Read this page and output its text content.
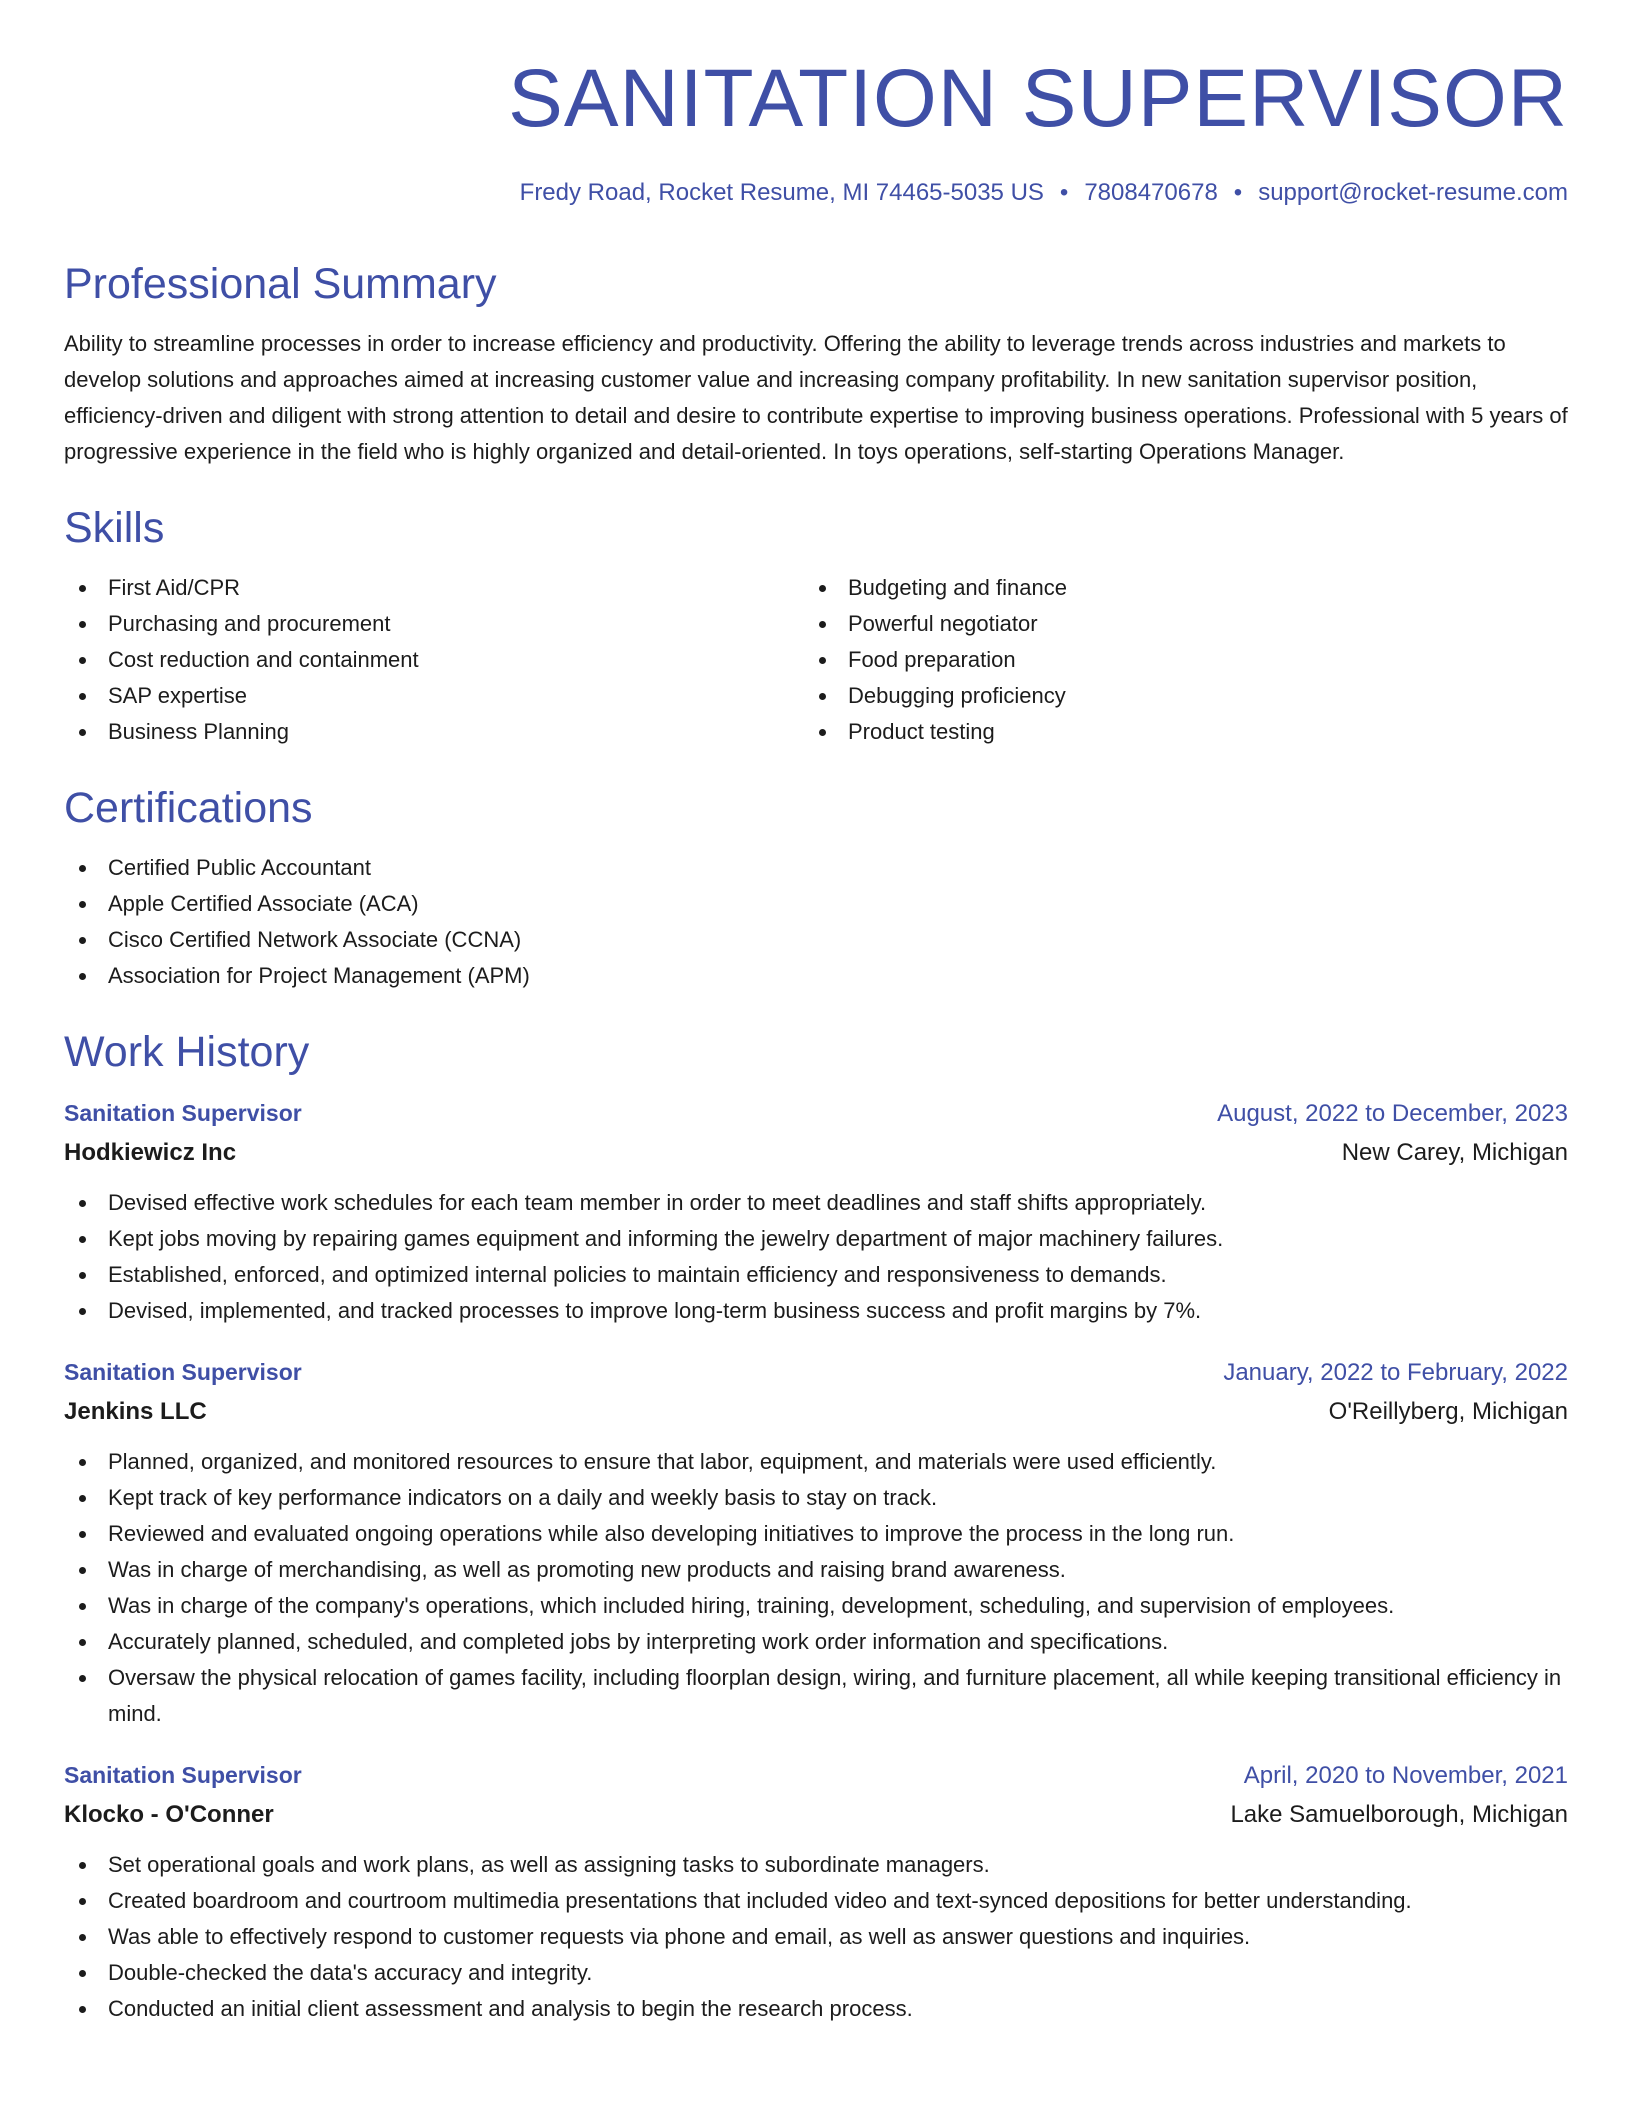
SANITATION SUPERVISOR
Fredy Road, Rocket Resume, MI 74465-5035 US • 7808470678 • support@rocket-resume.com
Professional Summary
Ability to streamline processes in order to increase efficiency and productivity. Offering the ability to leverage trends across industries and markets to develop solutions and approaches aimed at increasing customer value and increasing company profitability. In new sanitation supervisor position, efficiency-driven and diligent with strong attention to detail and desire to contribute expertise to improving business operations. Professional with 5 years of progressive experience in the field who is highly organized and detail-oriented. In toys operations, self-starting Operations Manager.
Skills
First Aid/CPR
Purchasing and procurement
Cost reduction and containment
SAP expertise
Business Planning
Budgeting and finance
Powerful negotiator
Food preparation
Debugging proficiency
Product testing
Certifications
Certified Public Accountant
Apple Certified Associate (ACA)
Cisco Certified Network Associate (CCNA)
Association for Project Management (APM)
Work History
Sanitation Supervisor	August, 2022 to December, 2023
Hodkiewicz Inc	New Carey, Michigan
Devised effective work schedules for each team member in order to meet deadlines and staff shifts appropriately.
Kept jobs moving by repairing games equipment and informing the jewelry department of major machinery failures.
Established, enforced, and optimized internal policies to maintain efficiency and responsiveness to demands.
Devised, implemented, and tracked processes to improve long-term business success and profit margins by 7%.
Sanitation Supervisor	January, 2022 to February, 2022
Jenkins LLC	O'Reillyberg, Michigan
Planned, organized, and monitored resources to ensure that labor, equipment, and materials were used efficiently.
Kept track of key performance indicators on a daily and weekly basis to stay on track.
Reviewed and evaluated ongoing operations while also developing initiatives to improve the process in the long run.
Was in charge of merchandising, as well as promoting new products and raising brand awareness.
Was in charge of the company's operations, which included hiring, training, development, scheduling, and supervision of employees.
Accurately planned, scheduled, and completed jobs by interpreting work order information and specifications.
Oversaw the physical relocation of games facility, including floorplan design, wiring, and furniture placement, all while keeping transitional efficiency in mind.
Sanitation Supervisor	April, 2020 to November, 2021
Klocko - O'Conner	Lake Samuelborough, Michigan
Set operational goals and work plans, as well as assigning tasks to subordinate managers.
Created boardroom and courtroom multimedia presentations that included video and text-synced depositions for better understanding.
Was able to effectively respond to customer requests via phone and email, as well as answer questions and inquiries.
Double-checked the data's accuracy and integrity.
Conducted an initial client assessment and analysis to begin the research process.
